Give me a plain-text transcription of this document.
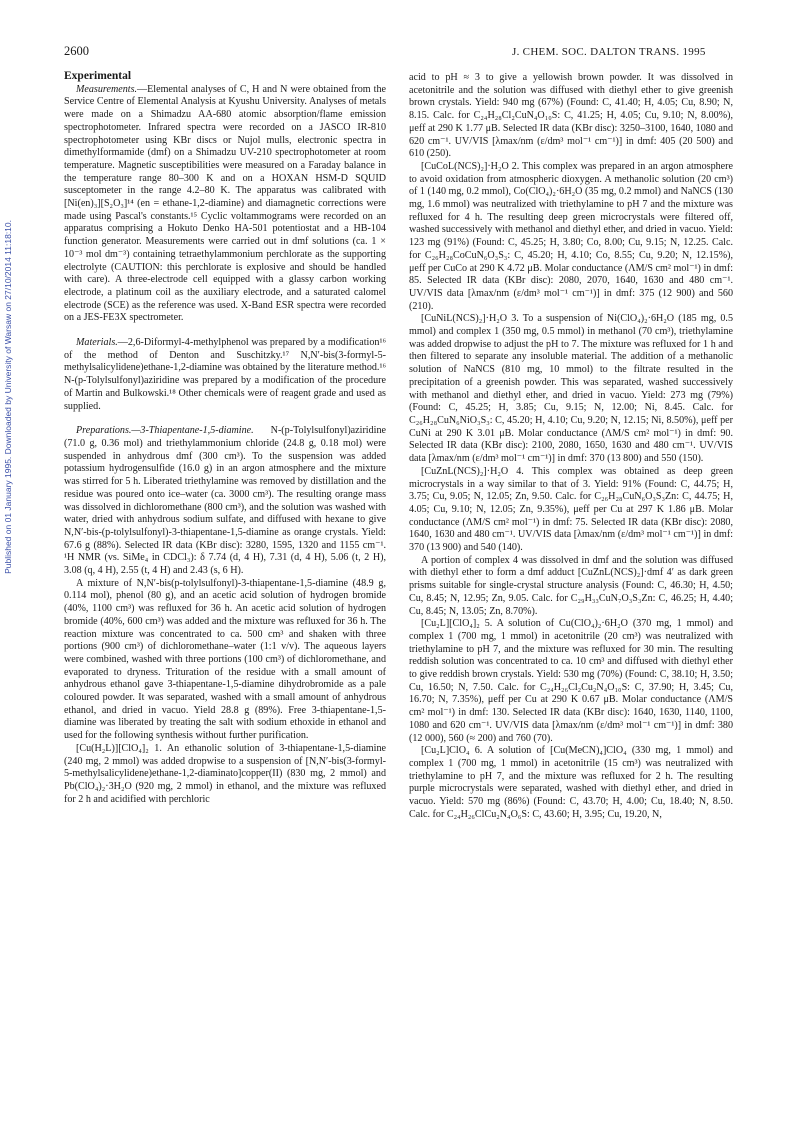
2600	J. CHEM. SOC. DALTON TRANS. 1995
Published on 01 January 1995. Downloaded by University of Warsaw on 27/10/2014 11:18:10.
Experimental

Measurements.—Elemental analyses of C, H and N were obtained from the Service Centre of Elemental Analysis at Kyushu University. Analyses of metals were made on a Shimadzu AA-680 atomic absorption/flame emission spectrophotometer. Infrared spectra were recorded on a JASCO IR-810 spectrophotometer using KBr discs or Nujol mulls, electronic spectra in dimethylformamide (dmf) on a Shimadzu UV-210 spectrophotometer at room temperature. Magnetic susceptibilities were measured on a Faraday balance in the temperature range 80–300 K and on a HOXAN HSM-D SQUID susceptometer in the range 4.2–80 K. The apparatus was calibrated with [Ni(en)₃][S₂O₃]¹⁴ (en = ethane-1,2-diamine) and diamagnetic corrections were made using Pascal's constants.¹⁵ Cyclic voltammograms were recorded on an apparatus comprising a Hokuto Denko HA-501 potentiostat and a HB-104 function generator. Measurements were carried out in dmf solutions (ca. 1 × 10⁻³ mol dm⁻³) containing tetraethylammonium perchlorate as the supporting electrolyte (CAUTION: this perchlorate is explosive and should be handled with care). A three-electrode cell equipped with a glassy carbon working electrode, a platinum coil as the auxiliary electrode, and a saturated calomel electrode (SCE) as the reference was used. X-Band ESR spectra were recorded on a JES-FE3X spectrometer.

Materials.—2,6-Diformyl-4-methylphenol was prepared by a modification¹⁶ of the method of Denton and Suschitzky.¹⁷ N,N′-bis(3-formyl-5-methylsalicylidene)ethane-1,2-diamine was obtained by the literature method.¹⁶ N-(p-Tolylsulfonyl)aziridine was prepared by a modification of the procedure of Martin and Bulkowski.¹⁸ Other chemicals were of reagent grade and used as supplied.

Preparations.—3-Thiapentane-1,5-diamine. N-(p-Tolylsulfonyl)aziridine (71.0 g, 0.36 mol) and triethylammonium chloride (24.8 g, 0.18 mol) were suspended in anhydrous dmf (300 cm³). To the suspension was added potassium hydrogensulfide (16.0 g) in an argon atmosphere and the mixture was stirred for 5 h. Liberated triethylamine was removed by distillation and the residue was poured onto ice–water (ca. 3000 cm³). The resulting orange mass was dissolved in dichloromethane (800 cm³), and the solution was washed with water, dried with anhydrous sodium sulfate, and diffused with hexane to give N,N′-bis-(p-tolylsulfonyl)-3-thiapentane-1,5-diamine as orange crystals. Yield: 67.6 g (88%). Selected IR data (KBr disc): 3280, 1595, 1320 and 1155 cm⁻¹. ¹H NMR (vs. SiMe₄ in CDCl₃): δ 7.74 (d, 4 H), 7.31 (d, 4 H), 5.06 (t, 2 H), 3.08 (q, 4 H), 2.55 (t, 4 H) and 2.43 (s, 6 H).

A mixture of N,N′-bis(p-tolylsulfonyl)-3-thiapentane-1,5-diamine (48.9 g, 0.114 mol), phenol (80 g), and an acetic acid solution of hydrogen bromide (40%, 1100 cm³) was refluxed for 36 h. An acetic acid solution of hydrogen bromide (40%, 600 cm³) was added and the mixture was refluxed for 36 h. The reaction mixture was concentrated to ca. 500 cm³ and shaken with three portions (900 cm³) of dichloromethane–water (1:1 v/v). The aqueous layers were combined, washed with three portions (100 cm³) of dichloromethane, and evaporated to dryness. Trituration of the residue with a small amount of anhydrous ethanol gave 3-thiapentane-1,5-diamine dihydrobromide as a pale coloured powder. It was separated, washed with a small amount of anhydrous ethanol, and dried in vacuo. Yield 28.8 g (89%). Free 3-thiapentane-1,5-diamine was liberated by treating the salt with sodium ethoxide in ethanol and used for the following synthesis without further purification.

[Cu(H₂L)][ClO₄]₂ 1. An ethanolic solution of 3-thiapentane-1,5-diamine (240 mg, 2 mmol) was added dropwise to a suspension of [N,N′-bis(3-formyl-5-methylsalicylidene)ethane-1,2-diaminato]copper(II) (830 mg, 2 mmol) and Pb(ClO₄)₂·3H₂O (920 mg, 2 mmol) in ethanol, and the mixture was refluxed for 2 h and acidified with perchloric

acid to pH ≈ 3 to give a yellowish brown powder. It was dissolved in acetonitrile and the solution was diffused with diethyl ether to give greenish brown crystals. Yield: 940 mg (67%) (Found: C, 41.40; H, 4.05; Cu, 8.90; N, 8.15. Calc. for C₂₄H₂₈Cl₂CuN₄O₁₀S: C, 41.25; H, 4.05; Cu, 9.10; N, 8.00%), μeff at 290 K 1.77 μB. Selected IR data (KBr disc): 3250–3100, 1640, 1080 and 620 cm⁻¹. UV/VIS [λmax/nm (ε/dm³ mol⁻¹ cm⁻¹)] in dmf: 405 (20 500) and 610 (250).

[CuCoL(NCS)₂]·H₂O 2. This complex was prepared in an argon atmosphere to avoid oxidation from atmospheric dioxygen. A methanolic solution (20 cm³) of 1 (140 mg, 0.2 mmol), Co(ClO₄)₂·6H₂O (35 mg, 0.2 mmol) and NaNCS (130 mg, 1.6 mmol) was neutralized with triethylamine to pH 7 and the mixture was refluxed for 4 h. The resulting deep green microcrystals were filtered off, washed successively with methanol and diethyl ether, and dried in vacuo. Yield: 123 mg (91%) (Found: C, 45.25; H, 3.80; Co, 8.00; Cu, 9.15; N, 12.25. Calc. for C₂₆H₂₈CoCuN₆O₃S₃: C, 45.20; H, 4.10; Co, 8.55; Cu, 9.20; N, 12.15%), μeff per CuCo at 290 K 4.72 μB. Molar conductance (ΛM/S cm² mol⁻¹) in dmf: 85. Selected IR data (KBr disc): 2080, 2070, 1640, 1630 and 480 cm⁻¹. UV/VIS data [λmax/nm (ε/dm³ mol⁻¹ cm⁻¹)] in dmf: 375 (12 900) and 560 (210).

[CuNiL(NCS)₂]·H₂O 3. To a suspension of Ni(ClO₄)₂·6H₂O (185 mg, 0.5 mmol) and complex 1 (350 mg, 0.5 mmol) in methanol (70 cm³), triethylamine was added dropwise to adjust the pH to 7. The mixture was refluxed for 1 h and then filtered to separate any insoluble material. The addition of a methanolic solution of NaNCS (810 mg, 10 mmol) to the filtrate resulted in the precipitation of a greenish powder. This was separated, washed successively with methanol and diethyl ether, and dried in vacuo. Yield: 273 mg (79%) (Found: C, 45.25; H, 3.85; Cu, 9.15; N, 12.00; Ni, 8.45. Calc. for C₂₆H₂₈CuN₆NiO₃S₃: C, 45.20; H, 4.10; Cu, 9.20; N, 12.15; Ni, 8.50%), μeff per CuNi at 290 K 3.01 μB. Molar conductance (ΛM/S cm² mol⁻¹) in dmf: 90. Selected IR data (KBr disc): 2100, 2080, 1650, 1630 and 480 cm⁻¹. UV/VIS data [λmax/nm (ε/dm³ mol⁻¹ cm⁻¹)] in dmf: 370 (13 800) and 550 (150).

[CuZnL(NCS)₂]·H₂O 4. This complex was obtained as deep green microcrystals in a way similar to that of 3. Yield: 91% (Found: C, 44.75; H, 3.75; Cu, 9.05; N, 12.05; Zn, 9.50. Calc. for C₂₆H₂₈CuN₆O₃S₃Zn: C, 44.75; H, 4.05; Cu, 9.10; N, 12.05; Zn, 9.35%), μeff per Cu at 297 K 1.86 μB. Molar conductance (ΛM/S cm² mol⁻¹) in dmf: 75. Selected IR data (KBr disc): 2080, 1640, 1630 and 480 cm⁻¹. UV/VIS data [λmax/nm (ε/dm³ mol⁻¹ cm⁻¹)] in dmf: 370 (13 900) and 540 (140).

A portion of complex 4 was dissolved in dmf and the solution was diffused with diethyl ether to form a dmf adduct [CuZnL(NCS)₂]·dmf 4′ as dark green prisms suitable for single-crystal structure analysis (Found: C, 46.30; H, 4.50; Cu, 8.45; N, 12.95; Zn, 9.05. Calc. for C₂₉H₃₃CuN₇O₃S₃Zn: C, 46.25; H, 4.40; Cu, 8.45; N, 13.05; Zn, 8.70%).

[Cu₂L][ClO₄]₂ 5. A solution of Cu(ClO₄)₂·6H₂O (370 mg, 1 mmol) and complex 1 (700 mg, 1 mmol) in acetonitrile (20 cm³) was neutralized with triethylamine to pH 7, and the mixture was refluxed for 30 min. The resulting reddish solution was concentrated to ca. 10 cm³ and diffused with diethyl ether to give reddish brown crystals. Yield: 530 mg (70%) (Found: C, 38.10; H, 3.50; Cu, 16.50; N, 7.50. Calc. for C₂₄H₂₆Cl₂Cu₂N₄O₁₀S: C, 37.90; H, 3.45; Cu, 16.70; N, 7.35%), μeff per Cu at 290 K 0.67 μB. Molar conductance (ΛM/S cm² mol⁻¹) in dmf: 130. Selected IR data (KBr disc): 1640, 1630, 1140, 1100, 1080 and 620 cm⁻¹. UV/VIS data [λmax/nm (ε/dm³ mol⁻¹ cm⁻¹)] in dmf: 380 (12 000), 560 (≈ 200) and 760 (70).

[Cu₂L]ClO₄ 6. A solution of [Cu(MeCN)₄]ClO₄ (330 mg, 1 mmol) and complex 1 (700 mg, 1 mmol) in acetonitrile (15 cm³) was neutralized with triethylamine to pH 7, and the mixture was refluxed for 2 h. The resulting purple microcrystals were separated, washed with diethyl ether, and dried in vacuo. Yield: 570 mg (86%) (Found: C, 43.70; H, 4.00; Cu, 18.40; N, 8.50. Calc. for C₂₄H₂₆ClCu₂N₄O₆S: C, 43.60; H, 3.95; Cu, 19.20, N,
